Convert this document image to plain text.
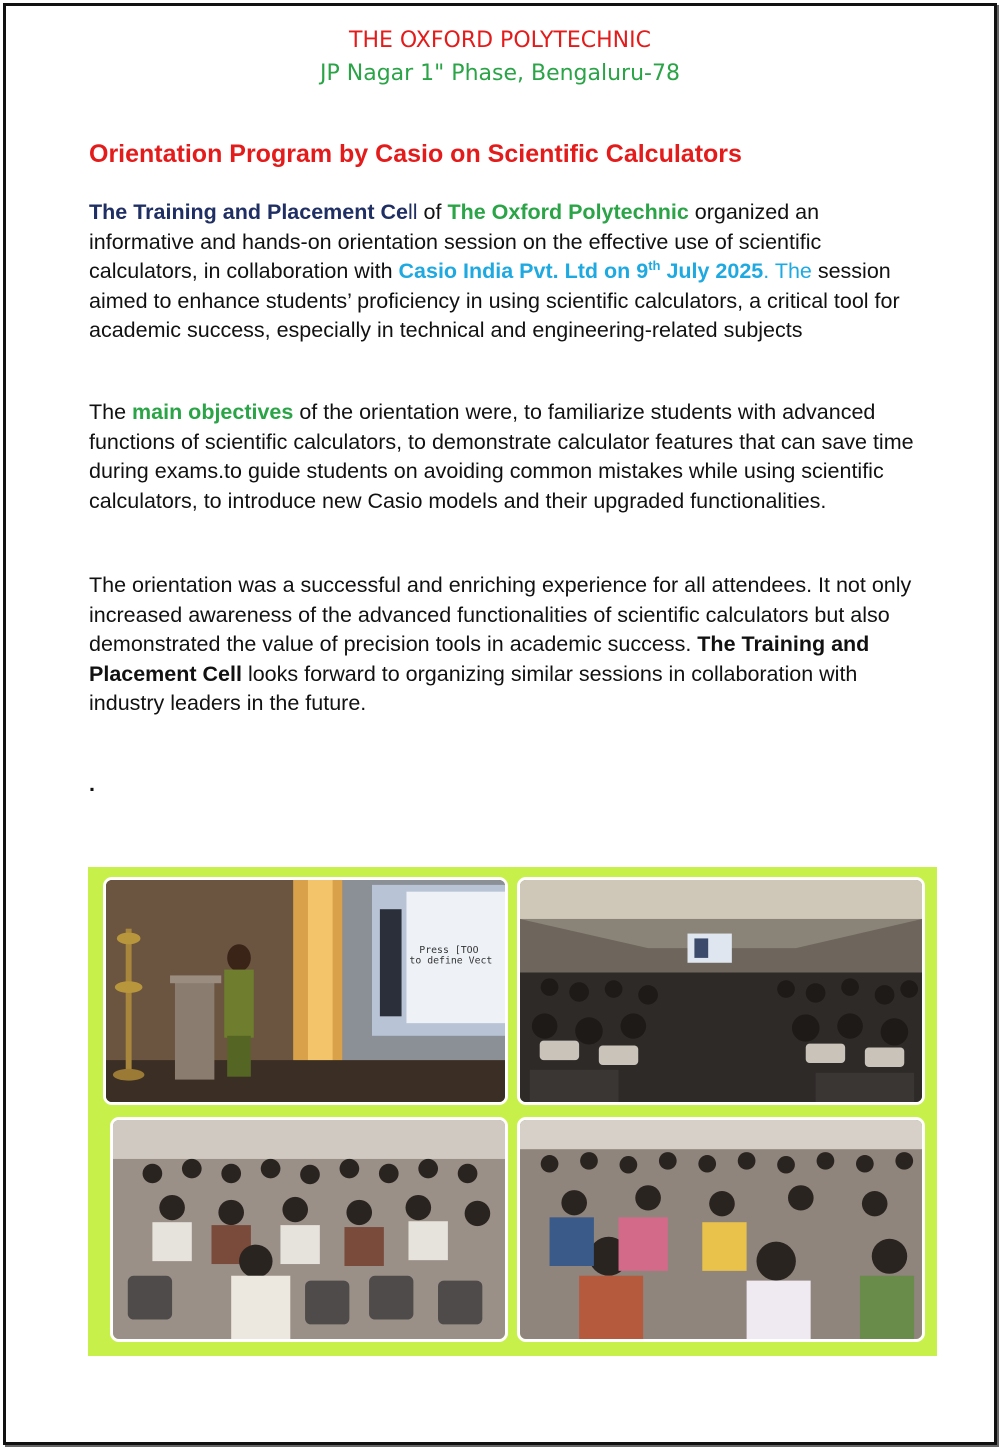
THE OXFORD POLYTECHNIC
JP Nagar 1" Phase, Bengaluru-78
Orientation Program by Casio on Scientific Calculators

The Training and Placement Cell of The Oxford Polytechnic organized an informative and hands-on orientation session on the effective use of scientific calculators, in collaboration with Casio India Pvt. Ltd on 9th July 2025. The session aimed to enhance students’ proficiency in using scientific calculators, a critical tool for academic success, especially in technical and engineering-related subjects

The main objectives of the orientation were, to familiarize students with advanced functions of scientific calculators, to demonstrate calculator features that can save time during exams.to guide students on avoiding common mistakes while using scientific calculators, to introduce new Casio models and their upgraded functionalities.

The orientation was a successful and enriching experience for all attendees. It not only increased awareness of the advanced functionalities of scientific calculators but also demonstrated the value of precision tools in academic success. The Training and Placement Cell looks forward to organizing similar sessions in collaboration with industry leaders in the future.

.

Press [TOO
to define Vect
